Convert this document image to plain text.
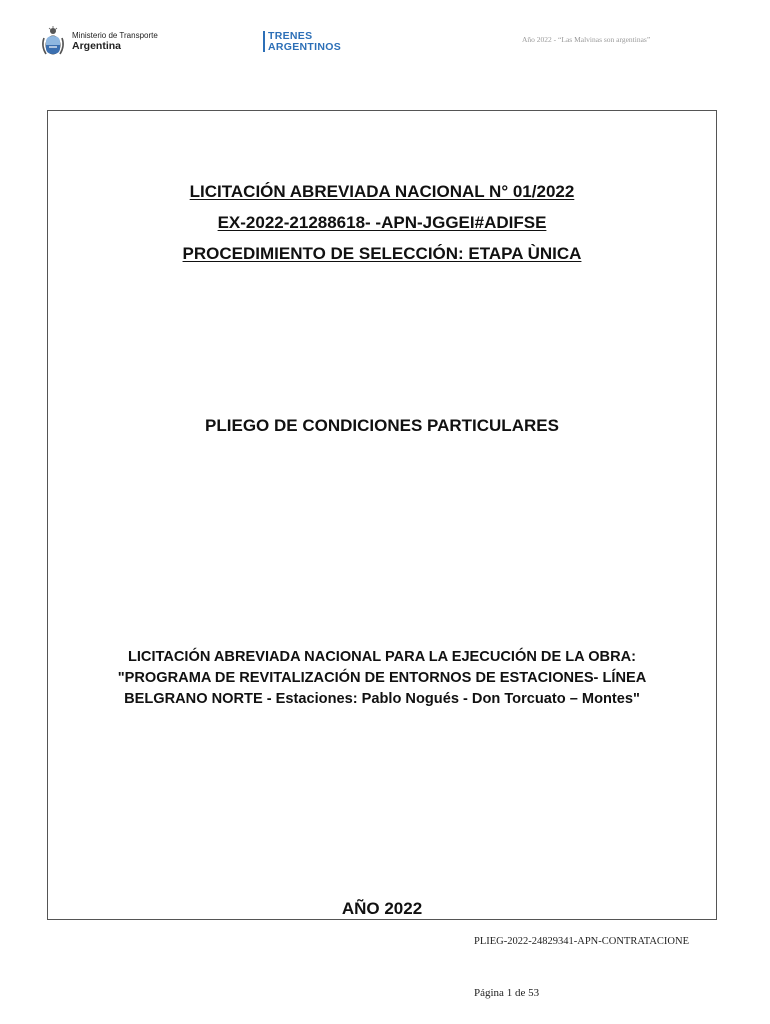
Ministerio de Transporte
Argentina
TRENES
ARGENTINOS
Año 2022 - “Las Malvinas son argentinas”
LICITACIÓN ABREVIADA NACIONAL N° 01/2022
EX-2022-21288618- -APN-JGGEI#ADIFSE
PROCEDIMIENTO DE SELECCIÓN: ETAPA ÙNICA
PLIEGO DE CONDICIONES PARTICULARES
LICITACIÓN ABREVIADA NACIONAL PARA LA EJECUCIÓN DE LA OBRA:
"PROGRAMA DE REVITALIZACIÓN DE ENTORNOS DE ESTACIONES- LÍNEA
BELGRANO NORTE - Estaciones: Pablo Nogués - Don Torcuato – Montes"
AÑO 2022
PLIEG-2022-24829341-APN-CONTRATACIONE
Página 1 de 53
